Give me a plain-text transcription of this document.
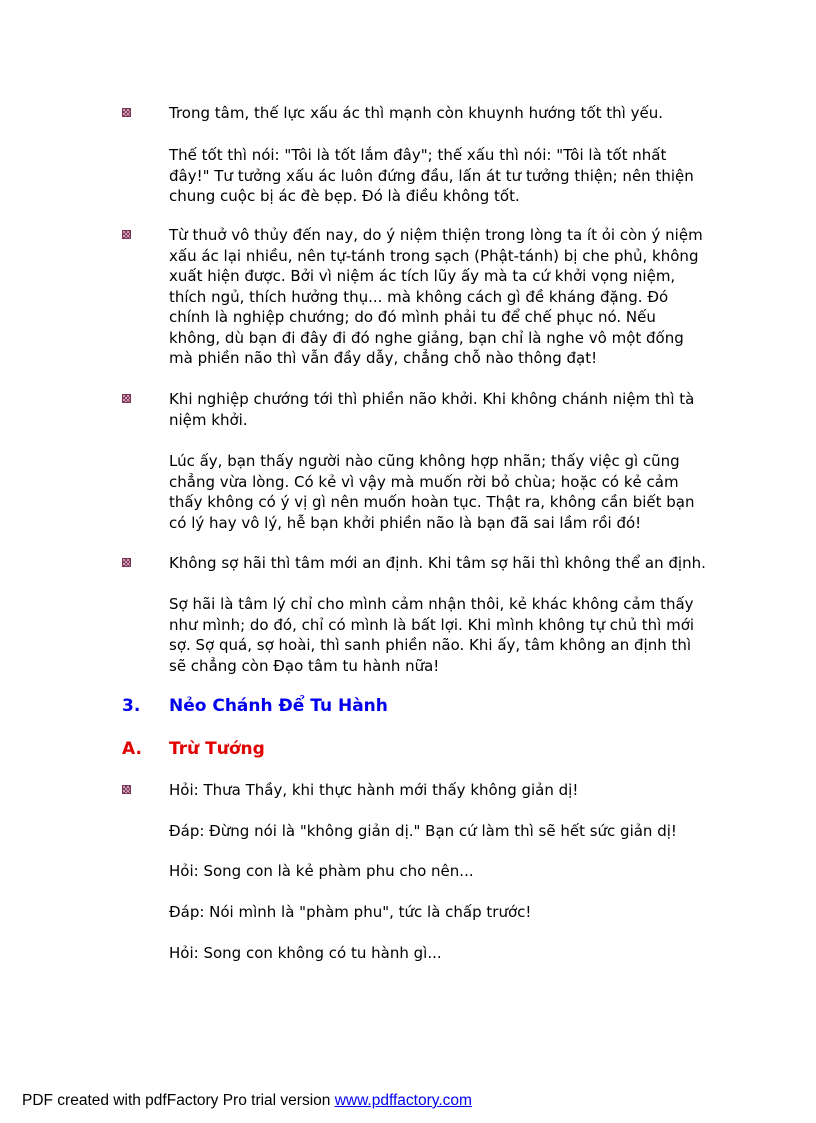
Trong tâm, thế lực xấu ác thì mạnh còn khuynh hướng tốt thì yếu.

Thế tốt thì nói: "Tôi là tốt lắm đây"; thế xấu thì nói: "Tôi là tốt nhất đây!" Tư tưởng xấu ác luôn đứng đầu, lấn át tư tưởng thiện; nên thiện chung cuộc bị ác đè bẹp. Đó là điều không tốt.

Từ thuở vô thủy đến nay, do ý niệm thiện trong lòng ta ít ỏi còn ý niệm xấu ác lại nhiều, nên tự-tánh trong sạch (Phật-tánh) bị che phủ, không xuất hiện được. Bởi vì niệm ác tích lũy ấy mà ta cứ khởi vọng niệm, thích ngủ, thích hưởng thụ... mà không cách gì đề kháng đặng. Đó chính là nghiệp chướng; do đó mình phải tu để chế phục nó. Nếu không, dù bạn đi đây đi đó nghe giảng, bạn chỉ là nghe vô một đống mà phiền não thì vẫn đầy dẫy, chẳng chỗ nào thông đạt!

Khi nghiệp chướng tới thì phiền não khởi. Khi không chánh niệm thì tà niệm khởi.

Lúc ấy, bạn thấy người nào cũng không hợp nhãn; thấy việc gì cũng chẳng vừa lòng. Có kẻ vì vậy mà muốn rời bỏ chùa; hoặc có kẻ cảm thấy không có ý vị gì nên muốn hoàn tục. Thật ra, không cần biết bạn có lý hay vô lý, hễ bạn khởi phiền não là bạn đã sai lầm rồi đó!

Không sợ hãi thì tâm mới an định. Khi tâm sợ hãi thì không thể an định.

Sợ hãi là tâm lý chỉ cho mình cảm nhận thôi, kẻ khác không cảm thấy như mình; do đó, chỉ có mình là bất lợi. Khi mình không tự chủ thì mới sợ. Sợ quá, sợ hoài, thì sanh phiền não. Khi ấy, tâm không an định thì sẽ chẳng còn Đạo tâm tu hành nữa!

3. Nẻo Chánh Để Tu Hành
A. Trừ Tướng

Hỏi: Thưa Thầy, khi thực hành mới thấy không giản dị!

Đáp: Đừng nói là "không giản dị." Bạn cứ làm thì sẽ hết sức giản dị!

Hỏi: Song con là kẻ phàm phu cho nên...

Đáp: Nói mình là "phàm phu", tức là chấp trước!

Hỏi: Song con không có tu hành gì...

PDF created with pdfFactory Pro trial version www.pdffactory.com
